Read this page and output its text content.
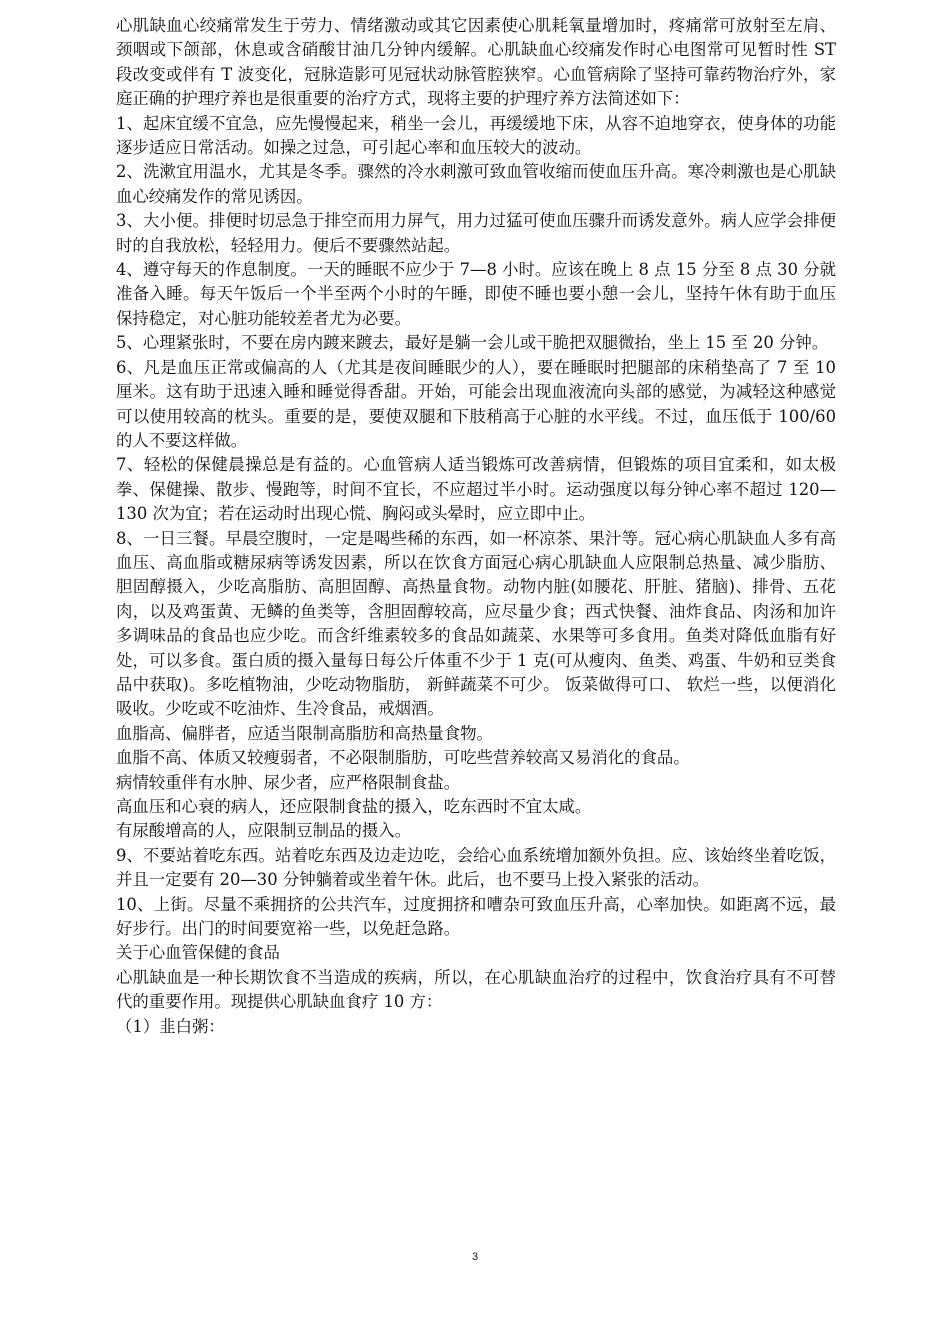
心肌缺血心绞痛常发生于劳力、情绪激动或其它因素使心肌耗氧量增加时，疼痛常可放射至左肩、颈咽或下颌部，休息或含硝酸甘油几分钟内缓解。心肌缺血心绞痛发作时心电图常可见暂时性 ST 段改变或伴有 T 波变化，冠脉造影可见冠状动脉管腔狭窄。心血管病除了坚持可靠药物治疗外，家庭正确的护理疗养也是很重要的治疗方式，现将主要的护理疗养方法简述如下：

1、起床宜缓不宜急，应先慢慢起来，稍坐一会儿，再缓缓地下床，从容不迫地穿衣，使身体的功能逐步适应日常活动。如操之过急，可引起心率和血压较大的波动。

2、洗漱宜用温水，尤其是冬季。骤然的冷水刺激可致血管收缩而使血压升高。寒冷刺激也是心肌缺血心绞痛发作的常见诱因。

3、大小便。排便时切忌急于排空而用力屏气，用力过猛可使血压骤升而诱发意外。病人应学会排便时的自我放松，轻轻用力。便后不要骤然站起。

4、遵守每天的作息制度。一天的睡眠不应少于 7—8 小时。应该在晚上 8 点 15 分至 8 点 30 分就准备入睡。每天午饭后一个半至两个小时的午睡，即使不睡也要小憩一会儿，坚持午休有助于血压保持稳定，对心脏功能较差者尤为必要。

5、心理紧张时，不要在房内踱来踱去，最好是躺一会儿或干脆把双腿微抬，坐上 15 至 20 分钟。

6、凡是血压正常或偏高的人（尤其是夜间睡眠少的人），要在睡眠时把腿部的床稍垫高了 7 至 10 厘米。这有助于迅速入睡和睡觉得香甜。开始，可能会出现血液流向头部的感觉，为减轻这种感觉可以使用较高的枕头。重要的是，要使双腿和下肢稍高于心脏的水平线。不过，血压低于 100/60 的人不要这样做。

7、轻松的保健晨操总是有益的。心血管病人适当锻炼可改善病情，但锻炼的项目宜柔和，如太极拳、保健操、散步、慢跑等，时间不宜长，不应超过半小时。运动强度以每分钟心率不超过 120—130 次为宜；若在运动时出现心慌、胸闷或头晕时，应立即中止。

8、一日三餐。早晨空腹时，一定是喝些稀的东西，如一杯凉茶、果汁等。冠心病心肌缺血人多有高血压、高血脂或糖尿病等诱发因素，所以在饮食方面冠心病心肌缺血人应限制总热量、减少脂肪、胆固醇摄入，少吃高脂肪、高胆固醇、高热量食物。动物内脏(如腰花、肝脏、猪脑)、排骨、五花肉，以及鸡蛋黄、无鳞的鱼类等，含胆固醇较高，应尽量少食；西式快餐、油炸食品、肉汤和加许多调味品的食品也应少吃。而含纤维素较多的食品如蔬菜、水果等可多食用。鱼类对降低血脂有好处，可以多食。蛋白质的摄入量每日每公斤体重不少于 1 克(可从瘦肉、鱼类、鸡蛋、牛奶和豆类食品中获取)。多吃植物油，少吃动物脂肪， 新鲜蔬菜不可少。 饭菜做得可口、 软烂一些，以便消化吸收。少吃或不吃油炸、生冷食品，戒烟酒。

血脂高、偏胖者，应适当限制高脂肪和高热量食物。

血脂不高、体质又较瘦弱者，不必限制脂肪，可吃些营养较高又易消化的食品。

病情较重伴有水肿、尿少者，应严格限制食盐。

高血压和心衰的病人，还应限制食盐的摄入，吃东西时不宜太咸。

有尿酸增高的人，应限制豆制品的摄入。

9、不要站着吃东西。站着吃东西及边走边吃，会给心血系统增加额外负担。应、该始终坐着吃饭，并且一定要有 20—30 分钟躺着或坐着午休。此后，也不要马上投入紧张的活动。

10、上街。尽量不乘拥挤的公共汽车，过度拥挤和嘈杂可致血压升高，心率加快。如距离不远，最好步行。出门的时间要宽裕一些，以免赶急路。

关于心血管保健的食品

心肌缺血是一种长期饮食不当造成的疾病，所以，在心肌缺血治疗的过程中，饮食治疗具有不可替代的重要作用。现提供心肌缺血食疗 10 方：

（1）韭白粥：

3
